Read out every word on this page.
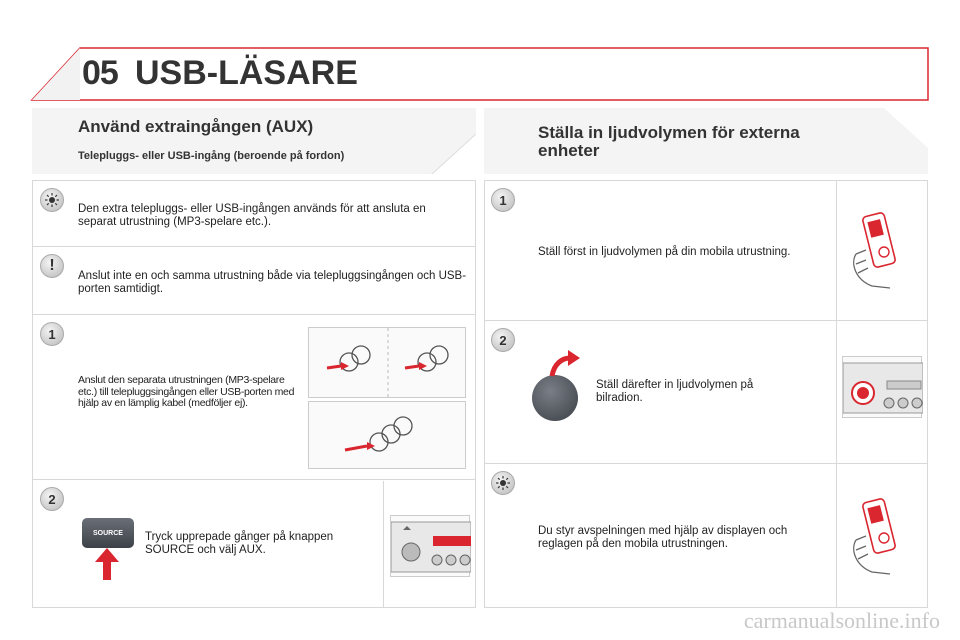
05 USB-LÄSARE
Använd extraingången (AUX)
Telepluggs- eller USB-ingång (beroende på fordon)
Den extra telepluggs- eller USB-ingången används för att ansluta en separat utrustning (MP3-spelare etc.).
!
Anslut inte en och samma utrustning både via telepluggsingången och USB-porten samtidigt.
1
Anslut den separata utrustningen (MP3-spelare etc.) till telepluggsingången eller USB-porten med hjälp av en lämplig kabel (medföljer ej).
2
SOURCE Tryck upprepade gånger på knappen SOURCE och välj AUX.
Ställa in ljudvolymen för externa enheter
1
Ställ först in ljudvolymen på din mobila utrustning.
2
Ställ därefter in ljudvolymen på bilradion.
Du styr avspelningen med hjälp av displayen och reglagen på den mobila utrustningen.
carmanualsonline.info
